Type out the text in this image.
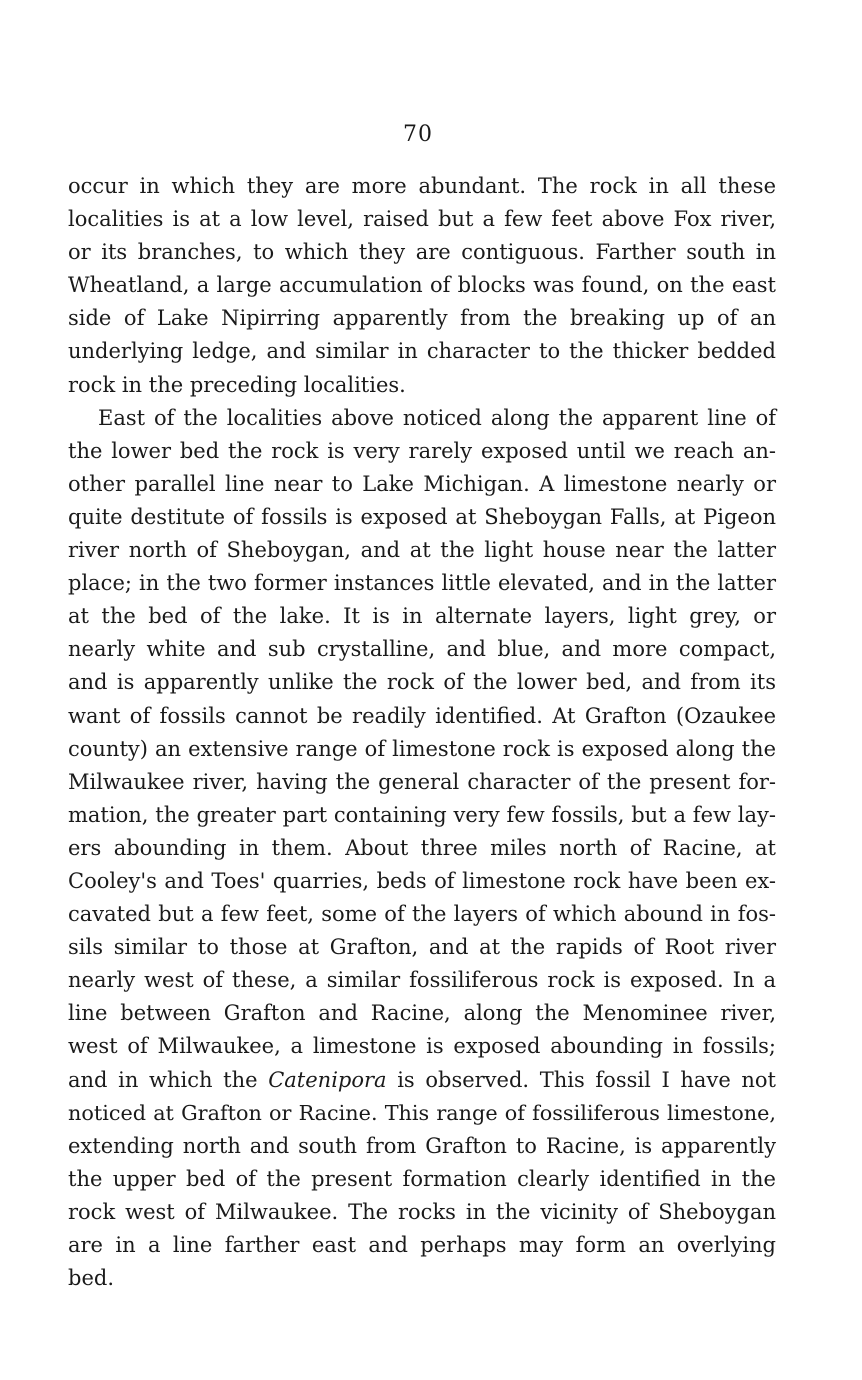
70
occur in which they are more abundant. The rock in all these
localities is at a low level, raised but a few feet above Fox river,
or its branches, to which they are contiguous. Farther south in
Wheatland, a large accumulation of blocks was found, on the east
side of Lake Nipirring apparently from the breaking up of an
underlying ledge, and similar in character to the thicker bedded
rock in the preceding localities.
East of the localities above noticed along the apparent line of
the lower bed the rock is very rarely exposed until we reach an-
other parallel line near to Lake Michigan. A limestone nearly or
quite destitute of fossils is exposed at Sheboygan Falls, at Pigeon
river north of Sheboygan, and at the light house near the latter
place; in the two former instances little elevated, and in the latter
at the bed of the lake. It is in alternate layers, light grey, or
nearly white and sub crystalline, and blue, and more compact,
and is apparently unlike the rock of the lower bed, and from its
want of fossils cannot be readily identified. At Grafton (Ozaukee
county) an extensive range of limestone rock is exposed along the
Milwaukee river, having the general character of the present for-
mation, the greater part containing very few fossils, but a few lay-
ers abounding in them. About three miles north of Racine, at
Cooley's and Toes' quarries, beds of limestone rock have been ex-
cavated but a few feet, some of the layers of which abound in fos-
sils similar to those at Grafton, and at the rapids of Root river
nearly west of these, a similar fossiliferous rock is exposed. In a
line between Grafton and Racine, along the Menominee river,
west of Milwaukee, a limestone is exposed abounding in fossils;
and in which the Catenipora is observed. This fossil I have not
noticed at Grafton or Racine. This range of fossiliferous limestone,
extending north and south from Grafton to Racine, is apparently
the upper bed of the present formation clearly identified in the
rock west of Milwaukee. The rocks in the vicinity of Sheboygan
are in a line farther east and perhaps may form an overlying
bed.
